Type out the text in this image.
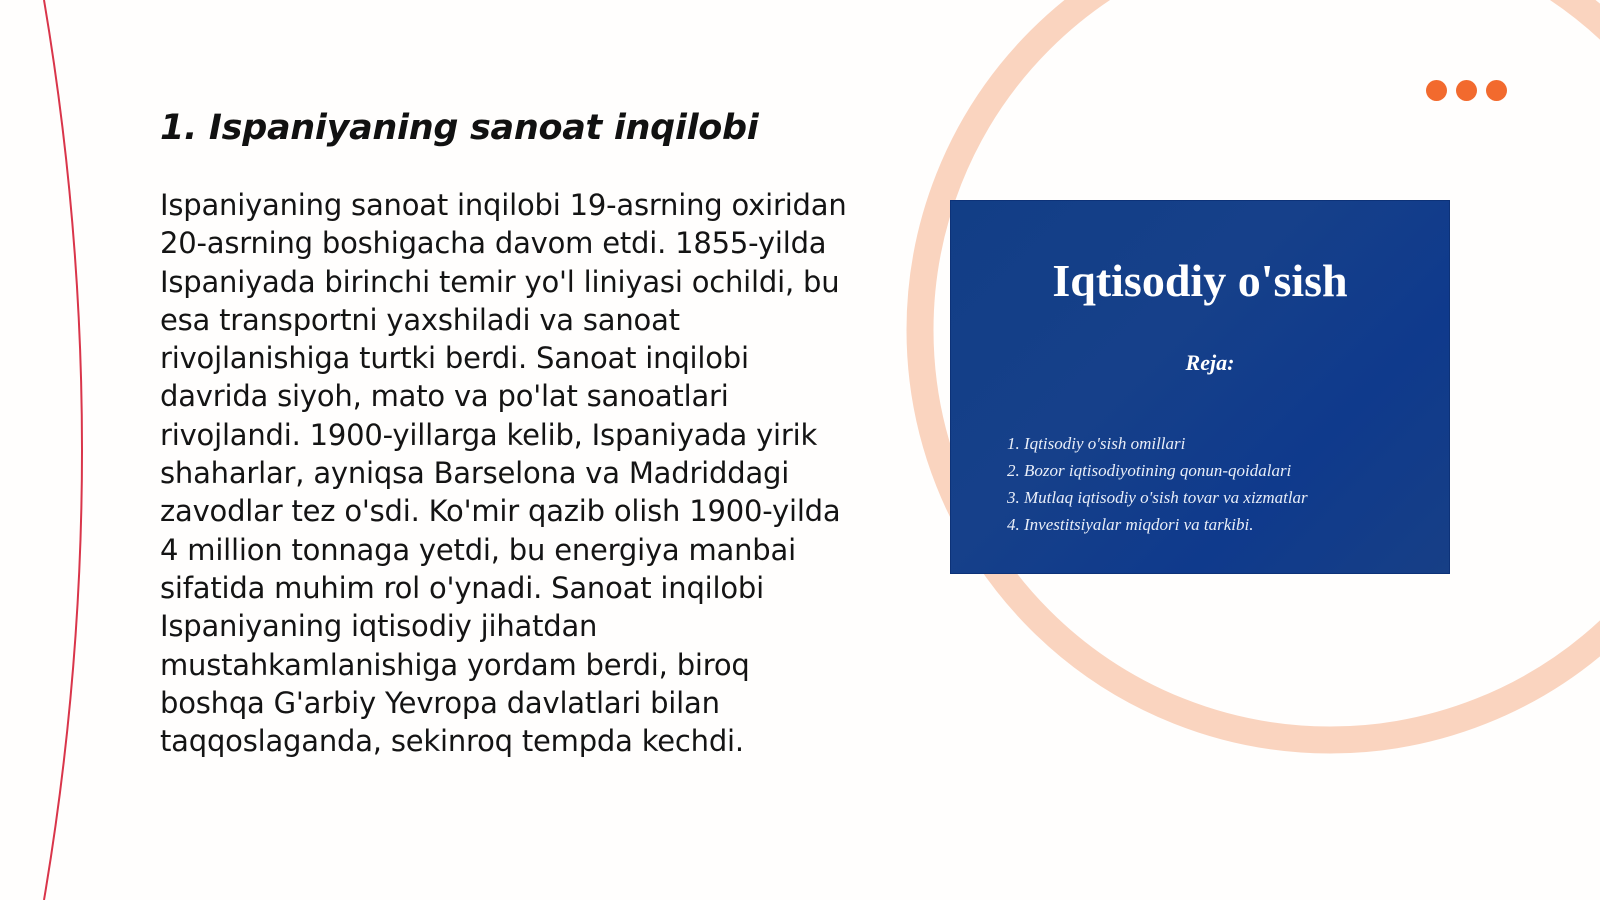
1. Ispaniyaning sanoat inqilobi

Ispaniyaning sanoat inqilobi 19-asrning oxiridan 20-asrning boshigacha davom etdi. 1855-yilda Ispaniyada birinchi temir yo'l liniyasi ochildi, bu esa transportni yaxshiladi va sanoat rivojlanishiga turtki berdi. Sanoat inqilobi davrida siyoh, mato va po'lat sanoatlari rivojlandi. 1900-yillarga kelib, Ispaniyada yirik shaharlar, ayniqsa Barselona va Madriddagi zavodlar tez o'sdi. Ko'mir qazib olish 1900-yilda 4 million tonnaga yetdi, bu energiya manbai sifatida muhim rol o'ynadi. Sanoat inqilobi Ispaniyaning iqtisodiy jihatdan mustahkamlanishiga yordam berdi, biroq boshqa G'arbiy Yevropa davlatlari bilan taqqoslaganda, sekinroq tempda kechdi.

Iqtisodiy o'sish
Reja:
1. Iqtisodiy o'sish omillari
2. Bozor iqtisodiyotining qonun-qoidalari
3. Mutlaq iqtisodiy o'sish tovar va xizmatlar
4. Investitsiyalar miqdori va tarkibi.
